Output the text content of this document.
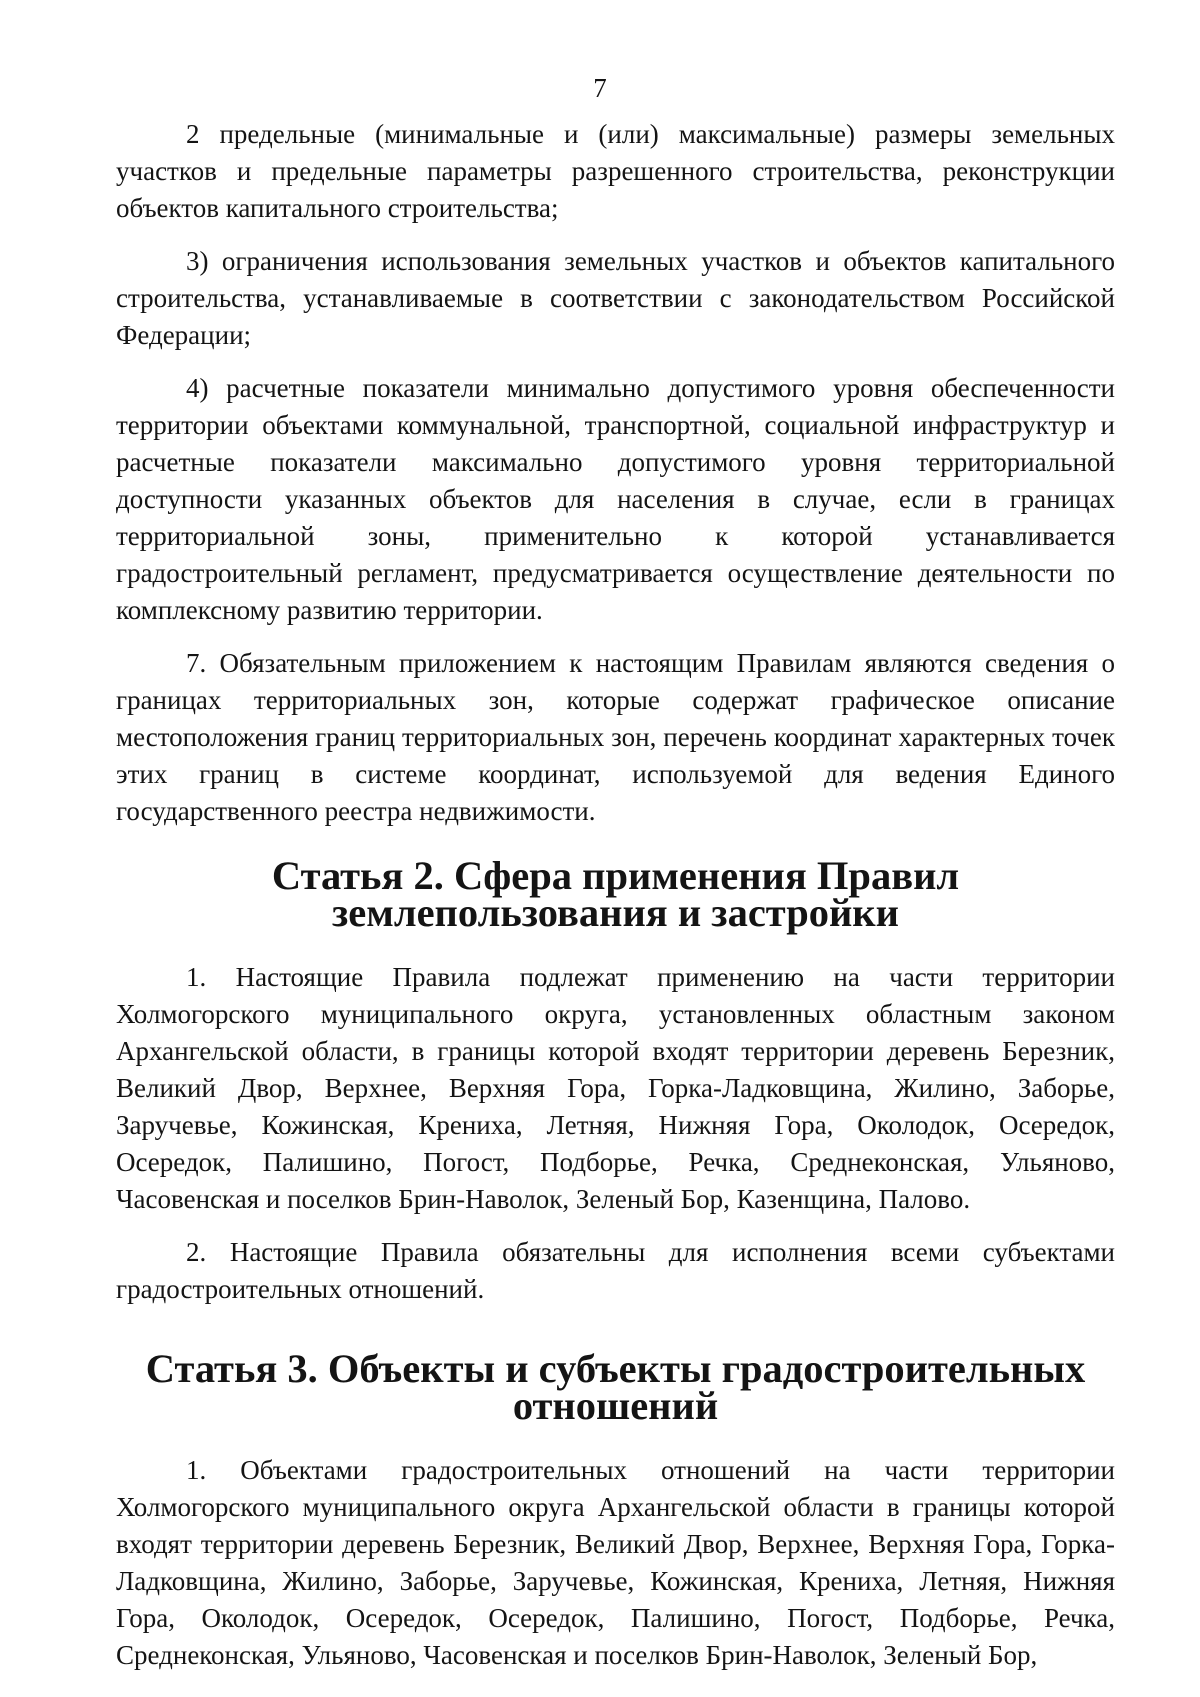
7

2 предельные (минимальные и (или) максимальные) размеры земельных участков и предельные параметры разрешенного строительства, реконструкции объектов капитального строительства;

3) ограничения использования земельных участков и объектов капитального строительства, устанавливаемые в соответствии с законодательством Российской Федерации;

4) расчетные показатели минимально допустимого уровня обеспеченности территории объектами коммунальной, транспортной, социальной инфраструктур и расчетные показатели максимально допустимого уровня территориальной доступности указанных объектов для населения в случае, если в границах территориальной зоны, применительно к которой устанавливается градостроительный регламент, предусматривается осуществление деятельности по комплексному развитию территории.

7. Обязательным приложением к настоящим Правилам являются сведения о границах территориальных зон, которые содержат графическое описание местоположения границ территориальных зон, перечень координат характерных точек этих границ в системе координат, используемой для ведения Единого государственного реестра недвижимости.

Статья 2. Сфера применения Правил землепользования и застройки

1. Настоящие Правила подлежат применению на части территории Холмогорского муниципального округа, установленных областным законом Архангельской области, в границы которой входят территории деревень Березник, Великий Двор, Верхнее, Верхняя Гора, Горка-Ладковщина, Жилино, Заборье, Заручевье, Кожинская, Крениха, Летняя, Нижняя Гора, Околодок, Осередок, Осередок, Палишино, Погост, Подборье, Речка, Среднеконская, Ульяново, Часовенская и поселков Брин-Наволок, Зеленый Бор, Казенщина, Палово.

2. Настоящие Правила обязательны для исполнения всеми субъектами градостроительных отношений.

Статья 3. Объекты и субъекты градостроительных отношений

1. Объектами градостроительных отношений на части территории Холмогорского муниципального округа Архангельской области в границы которой входят территории деревень Березник, Великий Двор, Верхнее, Верхняя Гора, Горка-Ладковщина, Жилино, Заборье, Заручевье, Кожинская, Крениха, Летняя, Нижняя Гора, Околодок, Осередок, Осередок, Палишино, Погост, Подборье, Речка, Среднеконская, Ульяново, Часовенская и поселков Брин-Наволок, Зеленый Бор,
